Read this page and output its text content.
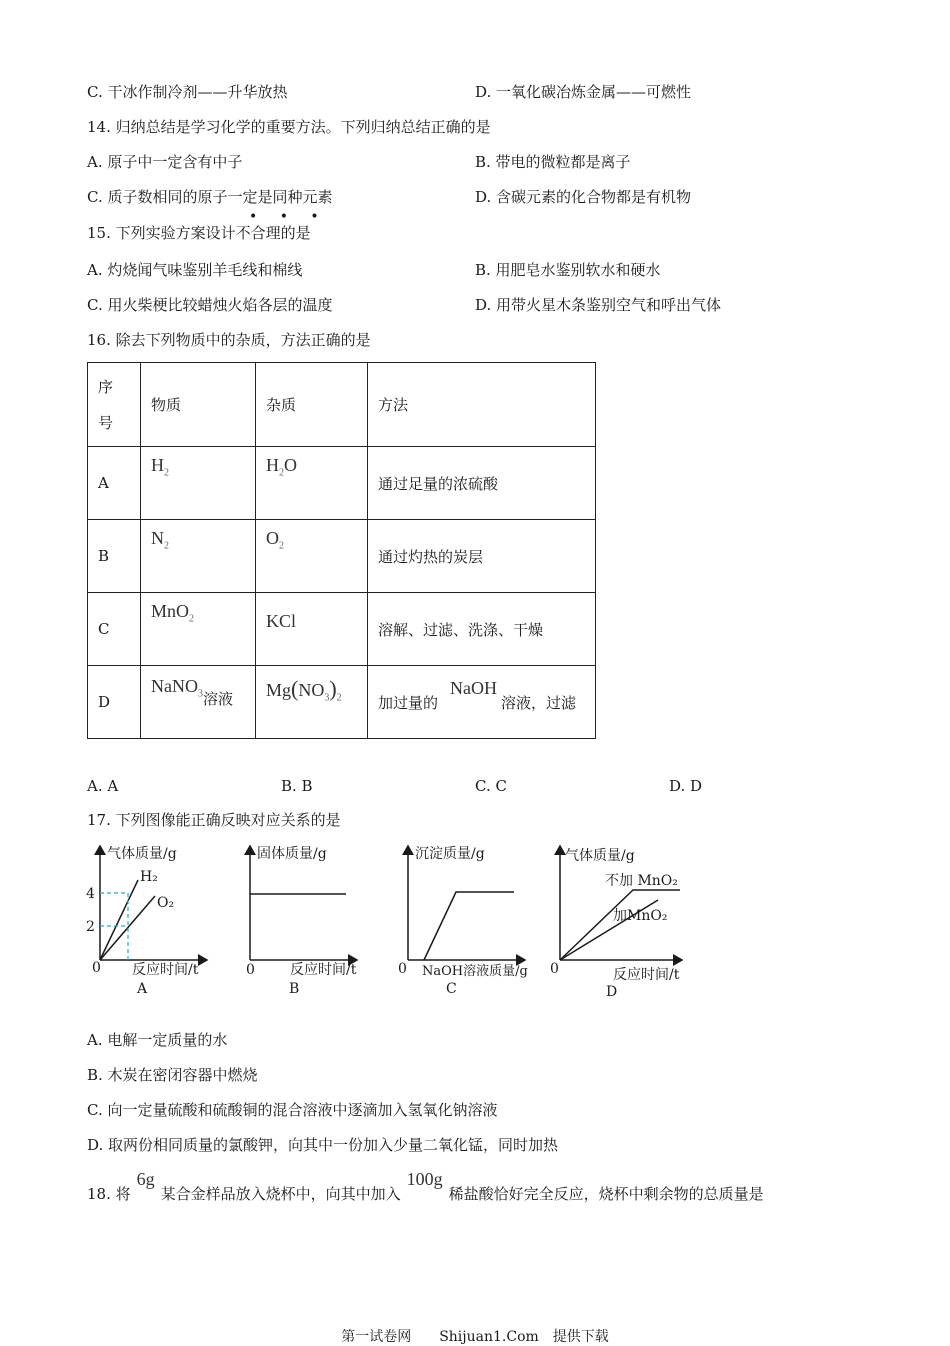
C. 干冰作制冷剂——升华放热	D. 一氧化碳冶炼金属——可燃性
14. 归纳总结是学习化学的重要方法。下列归纳总结正确的是
A. 原子中一定含有中子	B. 带电的微粒都是离子
C. 质子数相同的原子一定是同种元素	D. 含碳元素的化合物都是有机物
• • •
15. 下列实验方案设计不合理的是
A. 灼烧闻气味鉴别羊毛线和棉线	B. 用肥皂水鉴别软水和硬水
C. 用火柴梗比较蜡烛火焰各层的温度	D. 用带火星木条鉴别空气和呼出气体
16. 除去下列物质中的杂质，方法正确的是
序
号	物质	杂质	方法
A	$H_2$	$H_2O$	通过足量的浓硫酸
B	$N_2$	$O_2$	通过灼热的炭层
C	MnO$_2$	KCl	溶解、过滤、洗涤、干燥
D	NaNO$_3$溶液	$Mg(NO_3)_2$	加过量的NaOH溶液，过滤
A. A	B. B	C. C	D. D
17. 下列图像能正确反映对应关系的是
气体质量/g
4
2
H₂
O₂
0 反应时间/t
A
固体质量/g
0	反应时间/t
B
沉淀质量/g
0 NaOH溶液质量/g
C
气体质量/g
不加 MnO₂
加MnO₂
0	反应时间/t
D
A. 电解一定质量的水
B. 木炭在密闭容器中燃烧
C. 向一定量硫酸和硫酸铜的混合溶液中逐滴加入氢氧化钠溶液
D. 取两份相同质量的氯酸钾，向其中一份加入少量二氧化锰，同时加热
18. 将6g某合金样品放入烧杯中，向其中加入100g稀盐酸恰好完全反应，烧杯中剩余物的总质量是
第一试卷网　　Shijuan1.Com　提供下载
